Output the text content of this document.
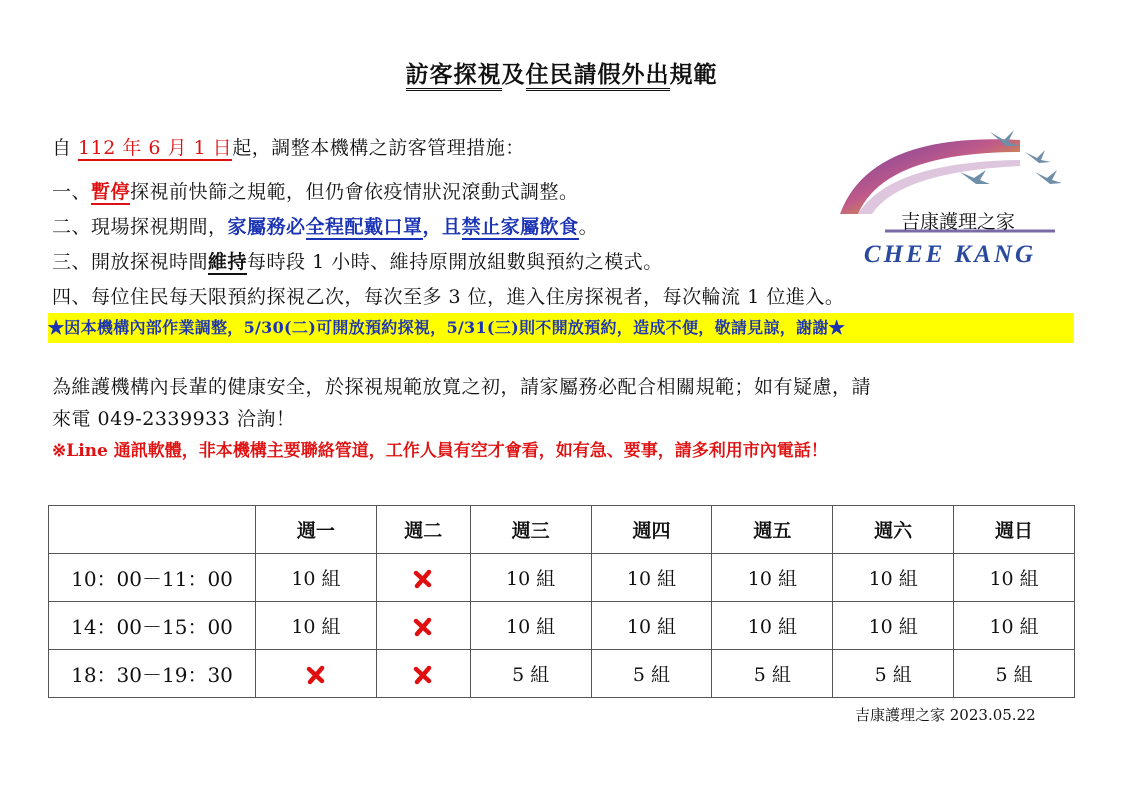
訪客探視及住民請假外出規範
自 112 年 6 月 1 日起，調整本機構之訪客管理措施：
一、暫停探視前快篩之規範，但仍會依疫情狀況滾動式調整。
二、現場探視期間，家屬務必全程配戴口罩，且禁止家屬飲食。
三、開放探視時間維持每時段 1 小時、維持原開放組數與預約之模式。
四、每位住民每天限預約探視乙次，每次至多 3 位，進入住房探視者，每次輪流 1 位進入。
★因本機構內部作業調整，5/30(二)可開放預約探視，5/31(三)則不開放預約，造成不便，敬請見諒，謝謝★
為維護機構內長輩的健康安全，於探視規範放寬之初，請家屬務必配合相關規範；如有疑慮，請
來電 049-2339933 洽詢！
※Line 通訊軟體，非本機構主要聯絡管道，工作人員有空才會看，如有急、要事，請多利用市內電話！
吉康護理之家
CHEE KANG
	週一	週二	週三	週四	週五	週六	週日
10：00－11：00	10 組		10 組	10 組	10 組	10 組	10 組
14：00－15：00	10 組		10 組	10 組	10 組	10 組	10 組
18：30－19：30			5 組	5 組	5 組	5 組	5 組
吉康護理之家 2023.05.22
